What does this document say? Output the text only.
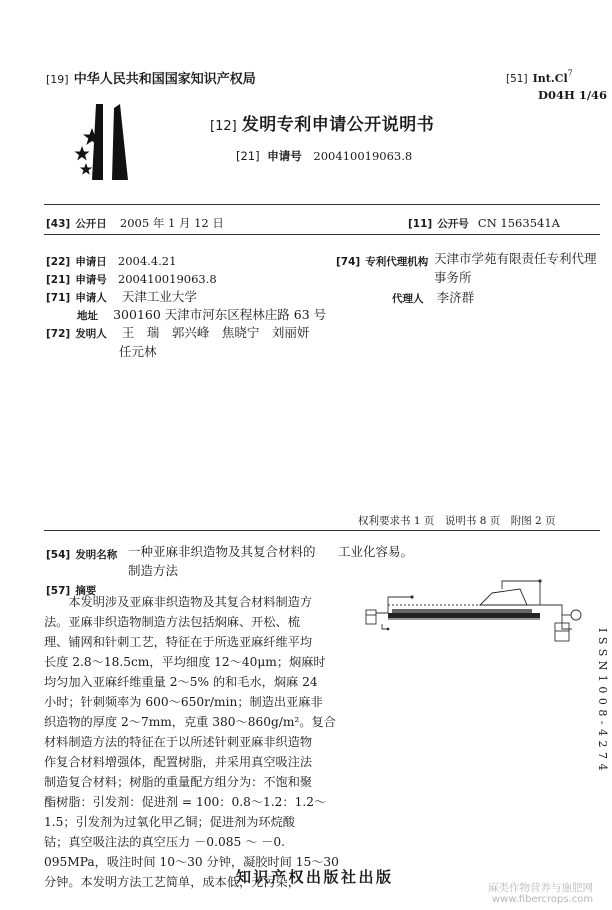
[19] 中华人民共和国国家知识产权局	[51] Int.Cl$^7$
D04H 1/46
[12] 发明专利申请公开说明书
[21] 申请号 200410019063.8
[43] 公开日 2005 年 1 月 12 日	[11] 公开号 CN 1563541A
[22] 申请日 2004.4.21
[21] 申请号 200410019063.8
[71] 申请人 天津工业大学
地址 300160 天津市河东区程林庄路 63 号
[72] 发明人 王　瑞　郭兴峰　焦晓宁　刘丽妍
任元林
[74] 专利代理机构 天津市学苑有限责任专利代理
事务所
代理人 李济群
权利要求书 1 页　说明书 8 页　附图 2 页
[54] 发明名称 一种亚麻非织造物及其复合材料的
制造方法
工业化容易。
[57] 摘要
　　本发明涉及亚麻非织造物及其复合材料制造方
法。亚麻非织造物制造方法包括焖麻、开松、梳
理、铺网和针刺工艺，特征在于所选亚麻纤维平均
长度 2.8～18.5cm，平均细度 12～40μm；焖麻时
均匀加入亚麻纤维重量 2～5% 的和毛水，焖麻 24
小时；针刺频率为 600～650r/min；制造出亚麻非
织造物的厚度 2～7mm，克重 380～860g/m²。复合
材料制造方法的特征在于以所述针刺亚麻非织造物
作复合材料增强体，配置树脂，并采用真空吸注法
制造复合材料；树脂的重量配方组分为：不饱和聚
酯树脂：引发剂：促进剂 = 100：0.8～1.2：1.2～
1.5；引发剂为过氧化甲乙铜；促进剂为环烷酸
钴；真空吸注法的真空压力 －0.085 ～ －0.
095MPa，吸注时间 10～30 分钟，凝胶时间 15～30
分钟。本发明方法工艺简单，成本低，无污染，
ISSN1008-4274
知识产权出版社出版
麻类作物营养与施肥网
www.fibercrops.com
